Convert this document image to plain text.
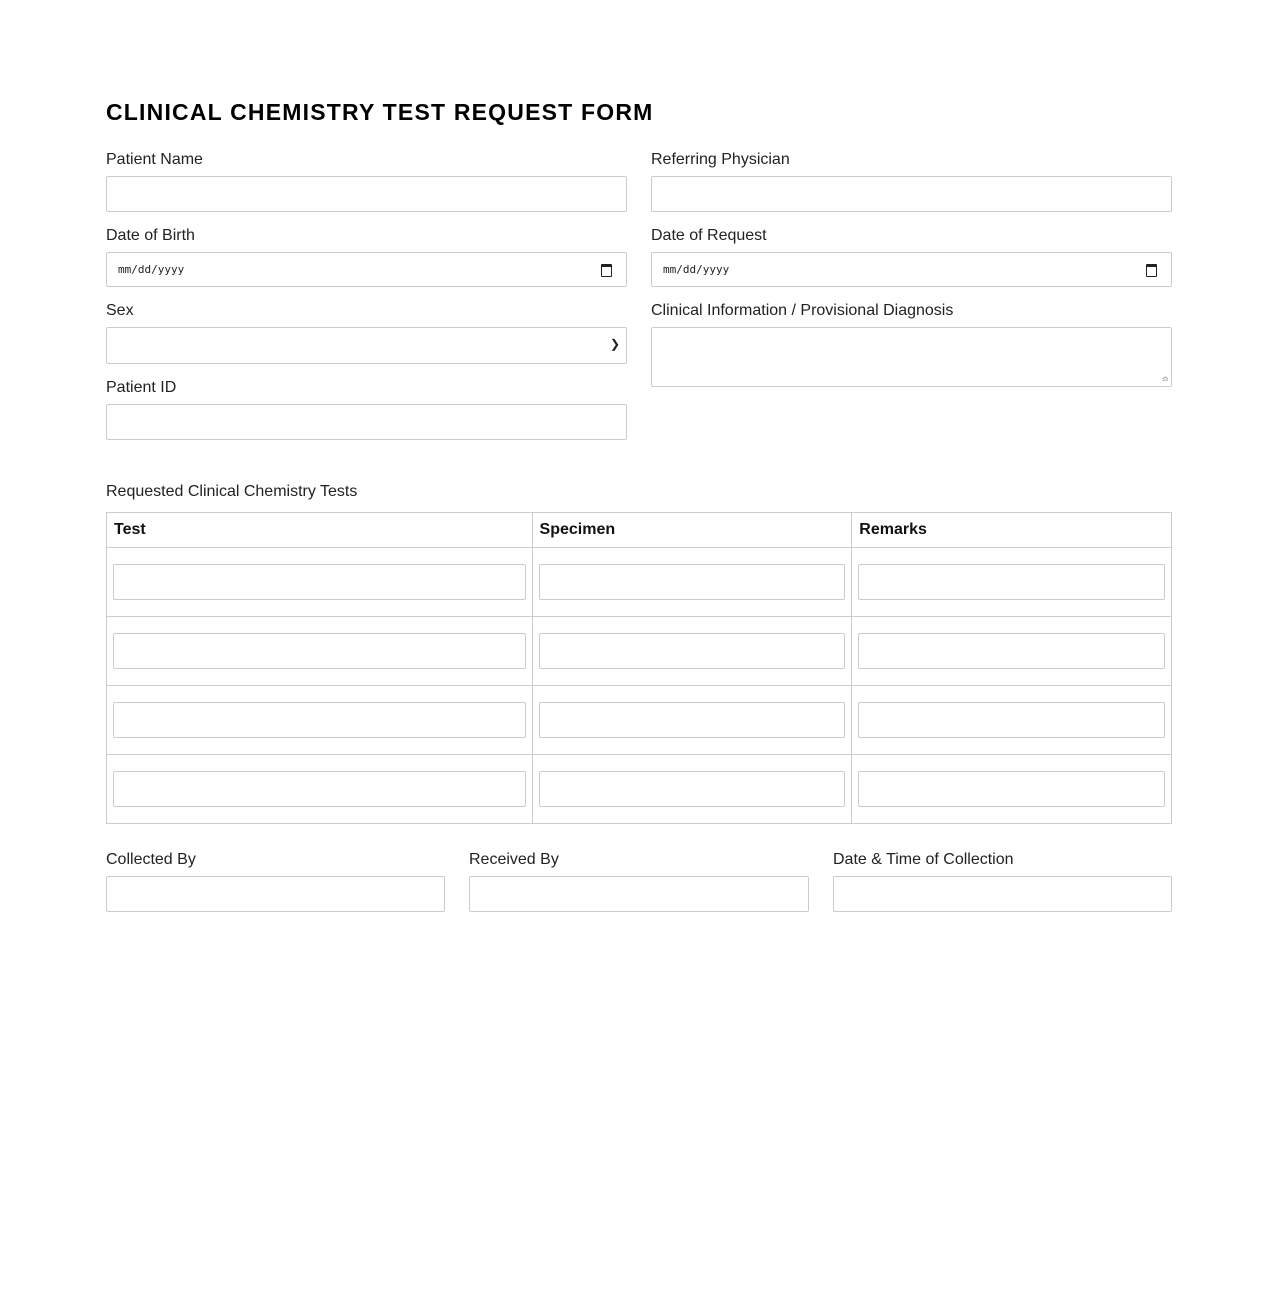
CLINICAL CHEMISTRY TEST REQUEST FORM
Patient Name	Referring Physician
Date of Birth
mm/dd/yyyy
Date of Request
mm/dd/yyyy
Sex
❯
Clinical Information / Provisional Diagnosis
≏
Patient ID
Requested Clinical Chemistry Tests
Test	Specimen	Remarks

Collected By	Received By	Date & Time of Collection
